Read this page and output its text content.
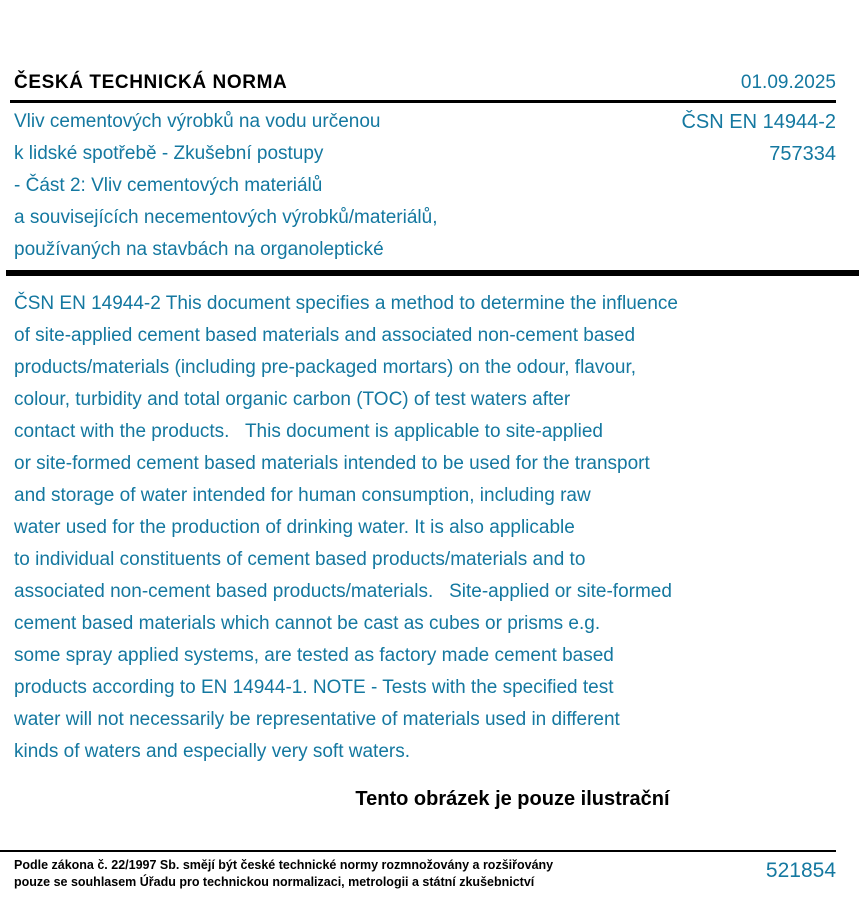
ČESKÁ TECHNICKÁ NORMA	01.09.2025
Vliv cementových výrobků na vodu určenou
k lidské spotřebě - Zkušební postupy
- Část 2: Vliv cementových materiálů
a souvisejících necementových výrobků/materiálů,
používaných na stavbách na organoleptické
ČSN EN 14944-2
757334
ČSN EN 14944-2 This document specifies a method to determine the influence
of site-applied cement based materials and associated non-cement based
products/materials (including pre-packaged mortars) on the odour, flavour,
colour, turbidity and total organic carbon (TOC) of test waters after
contact with the products.   This document is applicable to site-applied
or site-formed cement based materials intended to be used for the transport
and storage of water intended for human consumption, including raw
water used for the production of drinking water. It is also applicable
to individual constituents of cement based products/materials and to
associated non-cement based products/materials.   Site-applied or site-formed
cement based materials which cannot be cast as cubes or prisms e.g.
some spray applied systems, are tested as factory made cement based
products according to EN 14944-1. NOTE - Tests with the specified test
water will not necessarily be representative of materials used in different
kinds of waters and especially very soft waters.
Tento obrázek je pouze ilustrační
Podle zákona č. 22/1997 Sb. smějí být české technické normy rozmnožovány a rozšiřovány
pouze se souhlasem Úřadu pro technickou normalizaci, metrologii a státní zkušebnictví	521854
